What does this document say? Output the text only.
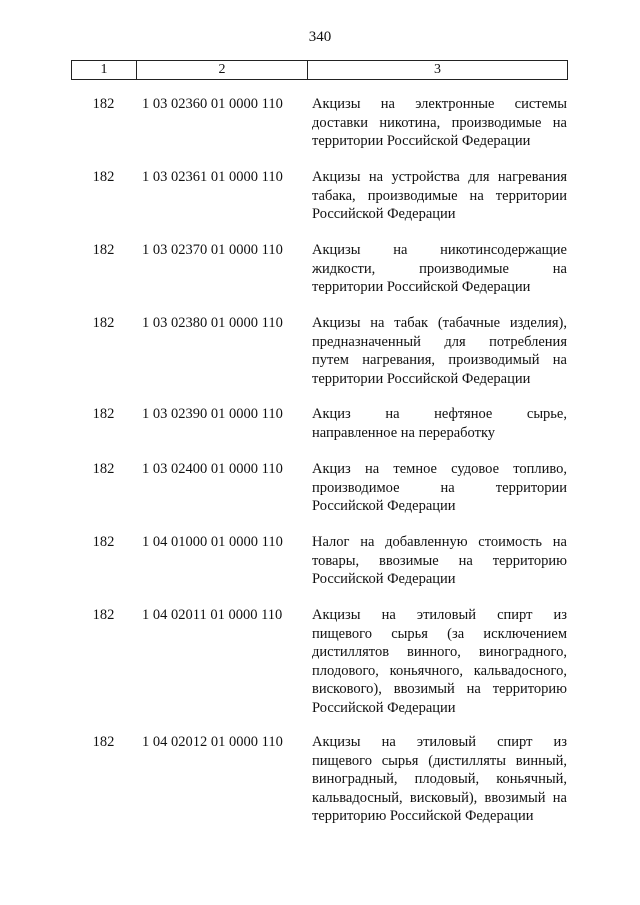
340
1	2	3
182	1 03 02360 01 0000 110	Акцизы на электронные системы
доставки никотина, производимые на
территории Российской Федерации
182	1 03 02361 01 0000 110	Акцизы на устройства для нагревания
табака, производимые на территории
Российской Федерации
182	1 03 02370 01 0000 110	Акцизы на никотинсодержащие
жидкости, производимые на
территории Российской Федерации
182	1 03 02380 01 0000 110	Акцизы на табак (табачные изделия),
предназначенный для потребления
путем нагревания, производимый на
территории Российской Федерации
182	1 03 02390 01 0000 110	Акциз на нефтяное сырье,
направленное на переработку
182	1 03 02400 01 0000 110	Акциз на темное судовое топливо,
производимое на территории
Российской Федерации
182	1 04 01000 01 0000 110	Налог на добавленную стоимость на
товары, ввозимые на территорию
Российской Федерации
182	1 04 02011 01 0000 110	Акцизы на этиловый спирт из
пищевого сырья (за исключением
дистиллятов винного, виноградного,
плодового, коньячного, кальвадосного,
вискового), ввозимый на территорию
Российской Федерации
182	1 04 02012 01 0000 110	Акцизы на этиловый спирт из
пищевого сырья (дистилляты винный,
виноградный, плодовый, коньячный,
кальвадосный, висковый), ввозимый на
территорию Российской Федерации
